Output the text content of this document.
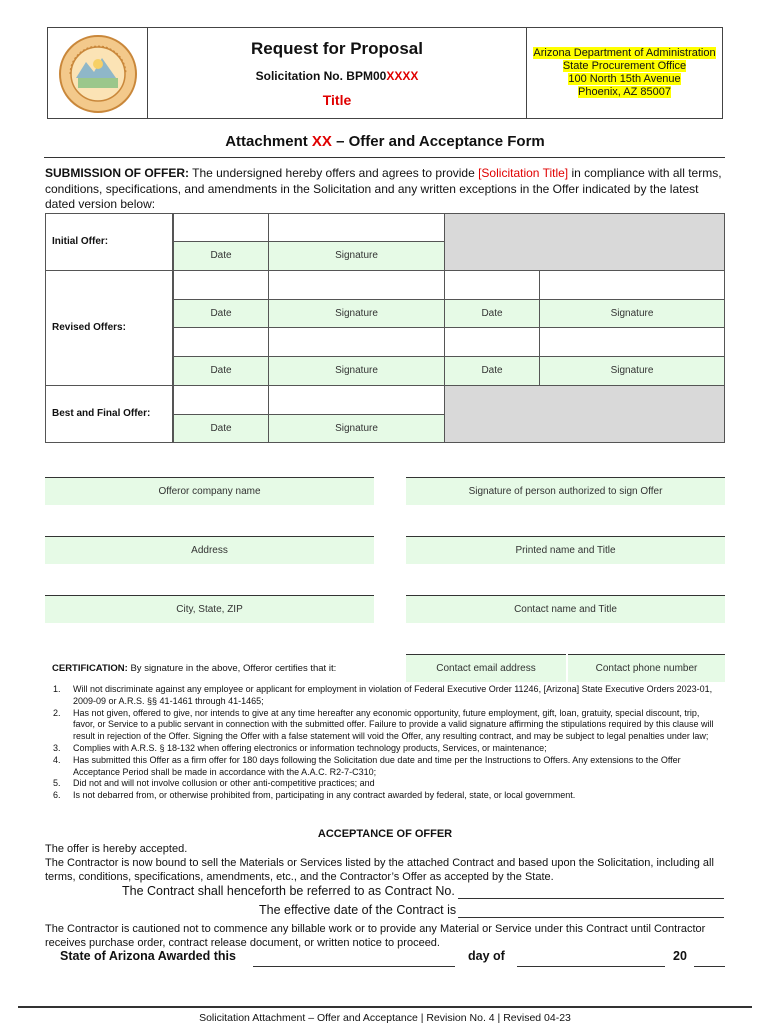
Request for Proposal
Solicitation No. BPM00XXXX
Title
Arizona Department of Administration
State Procurement Office
100 North 15th Avenue
Phoenix, AZ 85007
Attachment XX – Offer and Acceptance Form
SUBMISSION OF OFFER: The undersigned hereby offers and agrees to provide [Solicitation Title] in compliance with all terms, conditions, specifications, and amendments in the Solicitation and any written exceptions in the Offer indicated by the latest dated version below:
Initial Offer:
Date	Signature
Revised Offers:
Date	Signature	Date	Signature
Date	Signature	Date	Signature
Best and Final Offer:
Date	Signature
Offeror company name	Signature of person authorized to sign Offer
Address	Printed name and Title
City, State, ZIP	Contact name and Title
Contact email address	Contact phone number
CERTIFICATION: By signature in the above, Offeror certifies that it:
1. Will not discriminate against any employee or applicant for employment in violation of Federal Executive Order 11246, [Arizona] State Executive Orders 2023-01, 2009-09 or A.R.S. §§ 41-1461 through 41-1465;
2. Has not given, offered to give, nor intends to give at any time hereafter any economic opportunity, future employment, gift, loan, gratuity, special discount, trip, favor, or Service to a public servant in connection with the submitted offer. Failure to provide a valid signature affirming the stipulations required by this clause will result in rejection of the Offer. Signing the Offer with a false statement will void the Offer, any resulting contract, and may be subject to legal penalties under law;
3. Complies with A.R.S. § 18-132 when offering electronics or information technology products, Services, or maintenance;
4. Has submitted this Offer as a firm offer for 180 days following the Solicitation due date and time per the Instructions to Offers. Any extensions to the Offer Acceptance Period shall be made in accordance with the A.A.C. R2-7-C310;
5. Did not and will not involve collusion or other anti-competitive practices; and
6. Is not debarred from, or otherwise prohibited from, participating in any contract awarded by federal, state, or local government.
ACCEPTANCE OF OFFER
The offer is hereby accepted.
The Contractor is now bound to sell the Materials or Services listed by the attached Contract and based upon the Solicitation, including all terms, conditions, specifications, amendments, etc., and the Contractor’s Offer as accepted by the State.
The Contract shall henceforth be referred to as Contract No.
The effective date of the Contract is
The Contractor is cautioned not to commence any billable work or to provide any Material or Service under this Contract until Contractor receives purchase order, contract release document, or written notice to proceed.
State of Arizona Awarded this	day of	20
Solicitation Attachment – Offer and Acceptance | Revision No. 4 | Revised 04-23
